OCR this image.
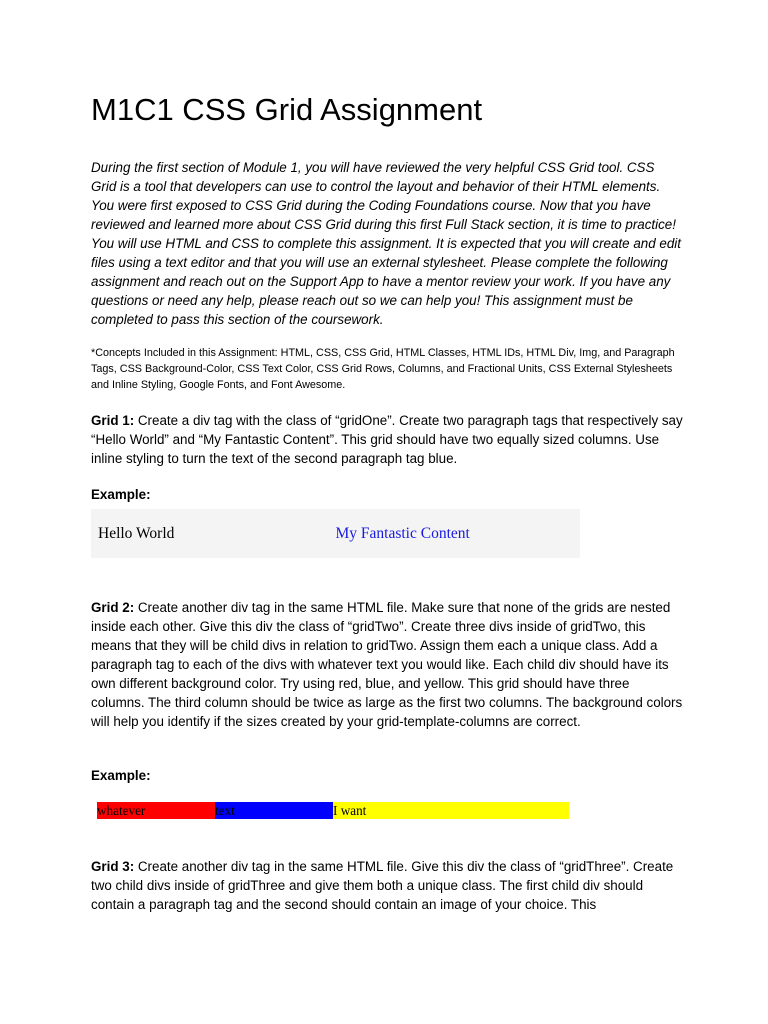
M1C1 CSS Grid Assignment

During the first section of Module 1, you will have reviewed the very helpful CSS Grid tool. CSS Grid is a tool that developers can use to control the layout and behavior of their HTML elements. You were first exposed to CSS Grid during the Coding Foundations course. Now that you have reviewed and learned more about CSS Grid during this first Full Stack section, it is time to practice! You will use HTML and CSS to complete this assignment. It is expected that you will create and edit files using a text editor and that you will use an external stylesheet. Please complete the following assignment and reach out on the Support App to have a mentor review your work. If you have any questions or need any help, please reach out so we can help you! This assignment must be completed to pass this section of the coursework.

*Concepts Included in this Assignment: HTML, CSS, CSS Grid, HTML Classes, HTML IDs, HTML Div, Img, and Paragraph Tags, CSS Background-Color, CSS Text Color, CSS Grid Rows, Columns, and Fractional Units, CSS External Stylesheets and Inline Styling, Google Fonts, and Font Awesome.

Grid 1: Create a div tag with the class of “gridOne”. Create two paragraph tags that respectively say “Hello World” and “My Fantastic Content”. This grid should have two equally sized columns. Use inline styling to turn the text of the second paragraph tag blue.

Example:

Hello World	My Fantastic Content

Grid 2: Create another div tag in the same HTML file. Make sure that none of the grids are nested inside each other. Give this div the class of “gridTwo”. Create three divs inside of gridTwo, this means that they will be child divs in relation to gridTwo. Assign them each a unique class. Add a paragraph tag to each of the divs with whatever text you would like. Each child div should have its own different background color. Try using red, blue, and yellow. This grid should have three columns. The third column should be twice as large as the first two columns. The background colors will help you identify if the sizes created by your grid-template-columns are correct.

Example:

whatever	text	I want

Grid 3: Create another div tag in the same HTML file. Give this div the class of “gridThree”. Create two child divs inside of gridThree and give them both a unique class. The first child div should contain a paragraph tag and the second should contain an image of your choice. This
